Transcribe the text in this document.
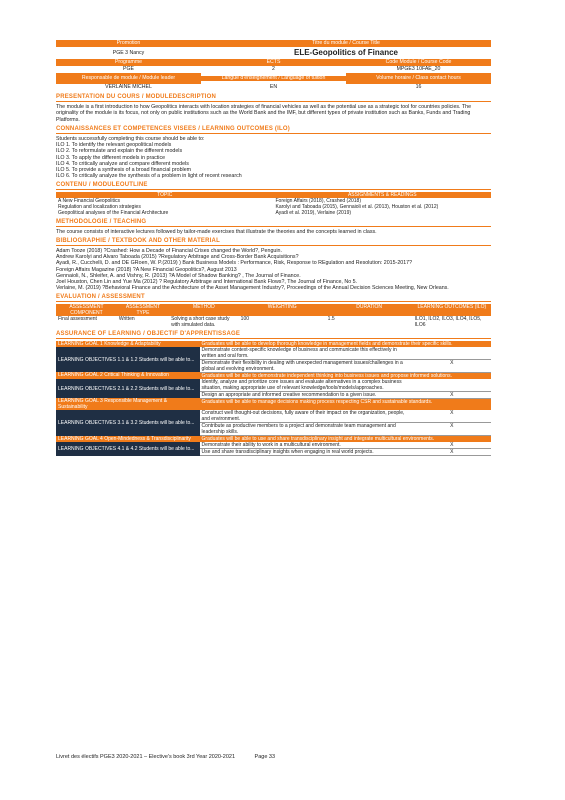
Promotion	Titre du module / Course Title
PGE 3 Nancy	ELE-Geopolitics of Finance
Programme	ECTS	Code Module / Course Code
PGE	2	MPGE3 10FAE_20
Responsable de module / Module leader	Langue d'enseignement / Language of tuition	Volume horaire / Class contact hours
VERLAINE MICHEL	EN	16
PRESENTATION DU COURS / MODULEDESCRIPTION

The module is a first introduction to how Geopolitics interacts with location strategies of financial vehicles as well as the potential use as a strategic tool for countries policies. The originality of the module is its focus, not only on public institutions such as the World Bank and the IMF, but different types of private institution such as Banks, Funds and Trading Platforms.

CONNAISSANCES ET COMPETENCES VISEES / LEARNING OUTCOMES (ILO)
Students successfully completing this course should be able to:
ILO 1. To identify the relevant geopolitical models
ILO 2. To reformulate and explain the different models
ILO 3. To apply the different models in practice
ILO 4. To critically analyze and compare different models
ILO 5. To provide a synthesis of a broad financial problem
ILO 6. To critically analyze the synthesis of a problem in light of recent research
CONTENU / MODULEOUTLINE
TOPIC	ASSIGNMENTS & READINGS
A New Financial Geopolitics	Foreign Affairs (2018), Crashed (2018)
Regulation and localization strategies	Karolyi and Taboada (2015), Gennaioli et al. (2013), Houston et al. (2012)
Geopolitical analyses of the Financial Architecture	Ayadi et al. 2019), Verlaine (2019)
METHODOLOGIE / TEACHING

The course consists of interactive lectures followed by tailor-made exercises that illustrate the theories and the concepts learned in class.

BIBLIOGRAPHIE / TEXTBOOK AND OTHER MATERIAL
Adam Tooze (2018) ?Crashed: How a Decade of Financial Crises changed the World?, Penguin.
Andrew Karolyi and Alvaro Taboada (2015) ?Regulatory Arbitrage and Cross-Border Bank Acquisitions?
Ayadi, R., Cucchelli, D. and DE GRoen, W. P.(2019) ) Bank Business Models : Performance, Risk, Response to REgulation and Resolution: 2015-2017?
Foreign Affairs Magazine (2018) ?A New Financial Geopolitics?, August 2013
Gennaioli, N., Shleifer, A. and Vishny, R. (2013) ?A Model of Shadow Banking? , The Journal of Finance.
Joel Houston, Chen Lin and Yue Ma (2012) ? Regulatory Arbitrage and International Bank Flows?, The Journal of Finance, No 5.
Verlaine, M. (2019) ?Behavioral Finance and the Architecture of the Asset Management Industry?, Proceedings of the Annual Decision Sciences Meeting, New Orleans.
EVALUATION / ASSESSMENT
ASSESSMENT COMPONENT	ASSESSMENT TYPE	METHOD	WEIGHTING	DURATION	LEARNING OUTCOMES (ILO)
Final assessment	Written	Solving a short case study with simulated data.	100	1.5	ILO1, ILO2, ILO3, ILO4, ILO5, ILO6
ASSURANCE OF LEARNING / OBJECTIF D'APPRENTISSAGE
LEARNING GOAL 1 Knowledge & Adaptability	Graduates will be able to develop thorough knowledge in management fields and demonstrate their specific skills.	
LEARNING OBJECTIVES 1.1 & 1.2 Students will be able to...	Demonstrate context-specific knowledge of business and communicate this effectively in written and oral form.	
	Demonstrate their flexibility in dealing with unexpected management issues/challenges in a global and evolving environment.	X
LEARNING GOAL 2 Critical Thinking & Innovation	Graduates will be able to demonstrate independent thinking into business issues and propose informed solutions.	
LEARNING OBJECTIVES 2.1 & 2.2 Students will be able to...	Identify, analyze and prioritize core issues and evaluate alternatives in a complex business situation, making appropriate use of relevant knowledge/tools/models/approaches.	
	Design an appropriate and informed creative recommendation to a given issue.	X
LEARNING GOAL 3 Responsible Management & Sustainability	Graduates will be able to manage decisions making process respecting CSR and sustainable standards.	
LEARNING OBJECTIVES 3.1 & 3.2 Students will be able to...	Construct well thought-out decisions, fully aware of their impact on the organization, people, and environment.	X
	Contribute as productive members to a project and demonstrate team management and leadership skills.	X
LEARNING GOAL 4 Open-Mindedness & Transdisciplinarity	Graduates will be able to use and share transdisciplinary insight and integrate multicultural environments.	
LEARNING OBJECTIVES 4.1 & 4.2 Students will be able to...	Demonstrate their ability to work in a multicultural environment.	X
	Use and share transdisciplinary insights when engaging in real world projects.	X
Livret des électifs PGE3 2020-2021 – Elective's book 3rd Year 2020-2021	Page 33
